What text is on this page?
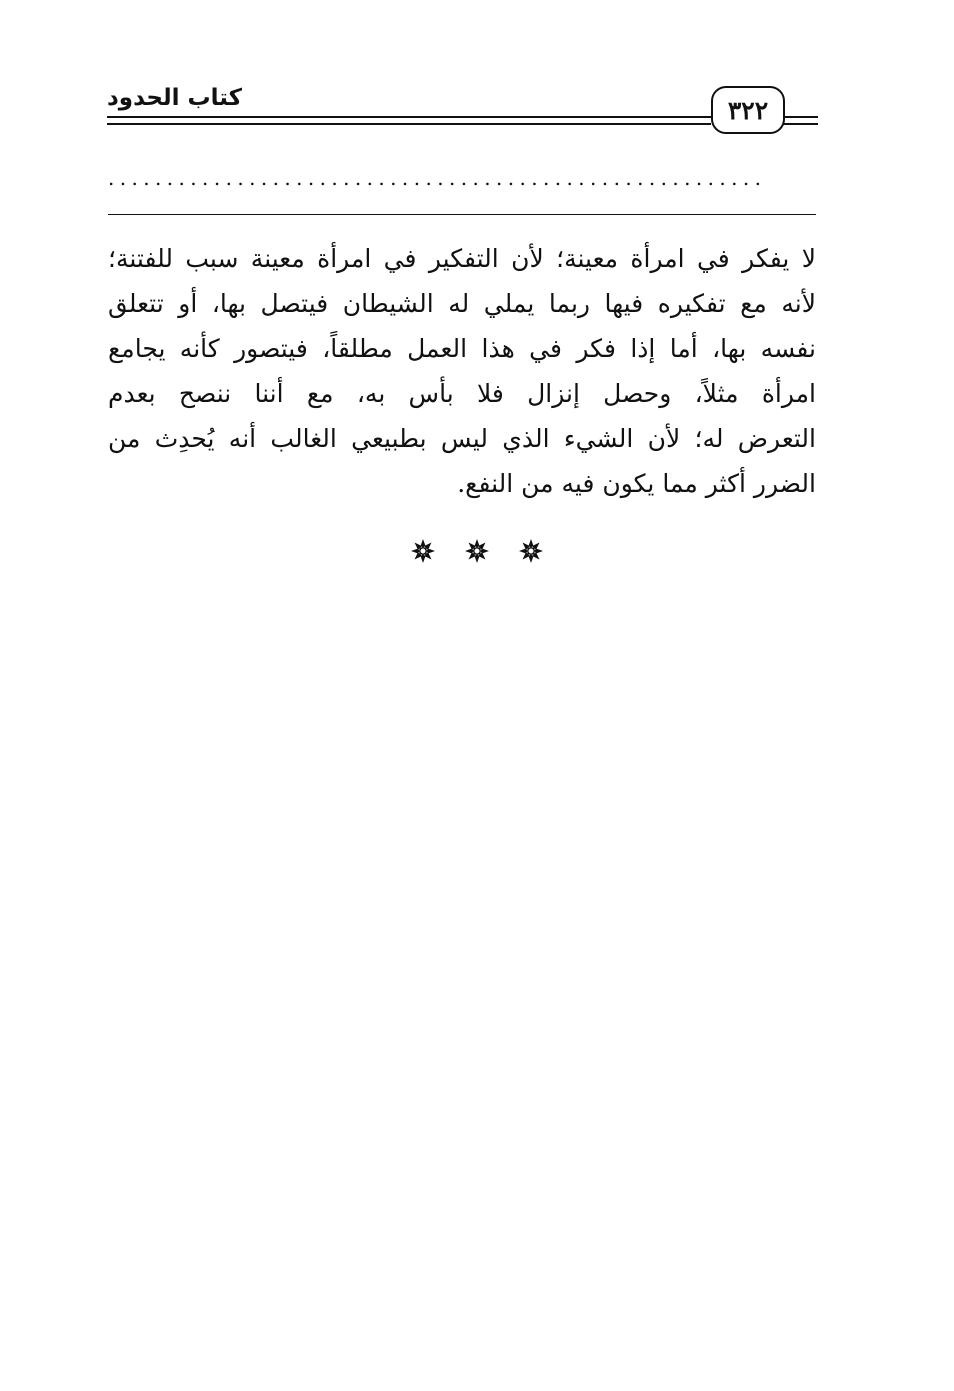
٣٢٢
كتاب الحدود
........................................................
لا يفكر في امرأة معينة؛ لأن التفكير في امرأة معينة سبب للفتنة؛
لأنه مع تفكيره فيها ربما يملي له الشيطان فيتصل بها، أو تتعلق
نفسه بها، أما إذا فكر في هذا العمل مطلقاً، فيتصور كأنه يجامع
امرأة مثلاً، وحصل إنزال فلا بأس به، مع أننا ننصح بعدم
التعرض له؛ لأن الشيء الذي ليس بطبيعي الغالب أنه يُحدِث من
الضرر أكثر مما يكون فيه من النفع.
